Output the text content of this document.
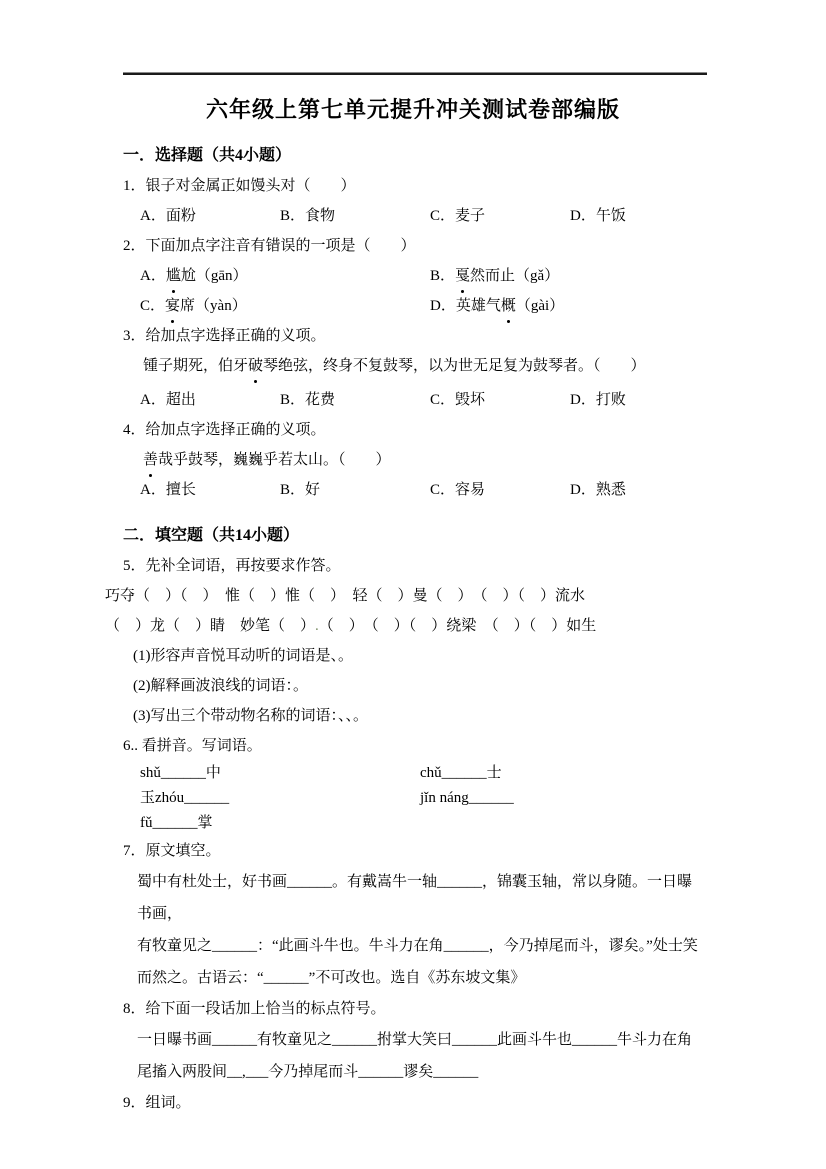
六年级上第七单元提升冲关测试卷部编版
一．选择题（共4小题）
1．银子对金属正如馒头对（　　）
A．面粉	B．食物	C．麦子	D．午饭
2．下面加点字注音有错误的一项是（　　）
A．尴尬（gān）	B．戛然而止（gǎ）
C．宴席（yàn）	D．英雄气概（gài）
3．给加点字选择正确的义项。
锺子期死，伯牙破琴绝弦，终身不复鼓琴，以为世无足复为鼓琴者。（　　）
A．超出	B．花费	C．毁坏	D．打败
4．给加点字选择正确的义项。
善哉乎鼓琴，巍巍乎若太山。（　　）
A．擅长	B．好	C．容易	D．熟悉
二．填空题（共14小题）
5．先补全词语，再按要求作答。
巧夺（　）（　）　惟（　）惟（　）　轻（　）曼（　）　（　）（　）流水
（　）龙（　）睛　妙笔（　）.（　）　（　）（　）绕梁　（　）（　）如生
(1)形容声音悦耳动听的词语是、。
(2)解释画波浪线的词语：。
(3)写出三个带动物名称的词语：、、。
6.. 看拼音。写词语。
shǔ______中	chǔ______士
玉zhóu______	jǐn náng______
fǔ______掌
7．原文填空。
蜀中有杜处士，好书画______。有戴嵩牛一轴______，锦囊玉轴，常以身随。一日曝书画，
有牧童见之______：“此画斗牛也。牛斗力在角______，今乃掉尾而斗，谬矣。”处士笑
而然之。古语云：“______”不可改也。选自《苏东坡文集》
8．给下面一段话加上恰当的标点符号。
一日曝书画______有牧童见之______拊掌大笑曰______此画斗牛也______牛斗力在角
尾搐入两股间__,___今乃掉尾而斗______谬矣______
9．组词。
